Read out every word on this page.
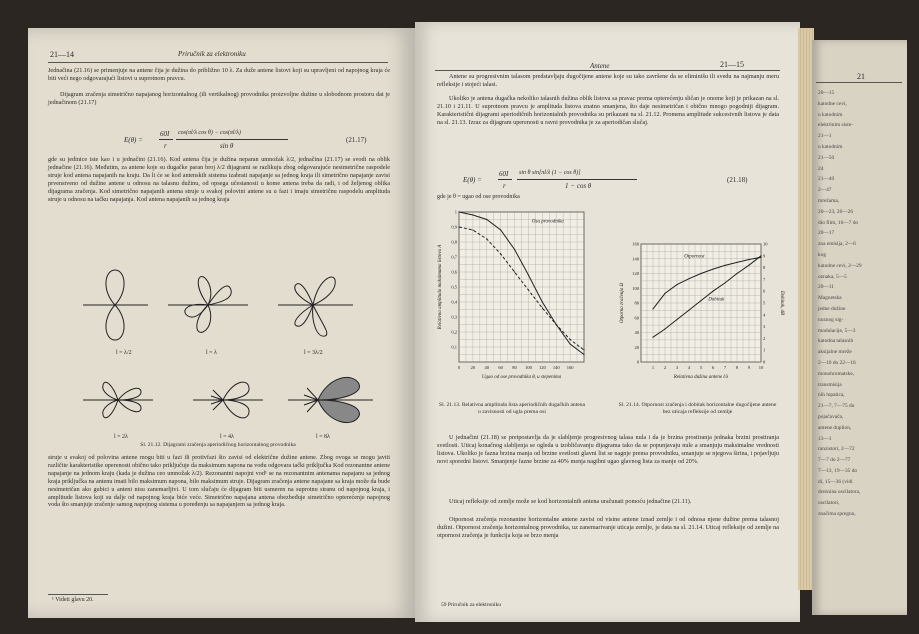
21—14	Priručnik za elektroniku
Jednačina (21.16) se primenjuje na antene čija je dužina do približno 10 λ. Za duže antene listovi koji su upravljeni od napojnog kraja će biti veći nego odgovarajući listovi u suprotnom pravcu.
Dijagram zračenja simetrično napajanog horizontalnog (ili vertikalnog) provodnika proizvoljne dužine u slobodnom prostoru dat je jednačinom (21.17)
E(θ) =
60I
r
cos(πl/λ cos θ) − cos(πl/λ)
sin θ
(21.17)
gde su jedinice iste kao i u jednačini (21.16). Kod antena čija je dužina neparan umnožak λ/2, jednačina (21.17) se svodi na oblik jednačine (21.16). Međutim, za antene koje su dugačke paran broj λ/2 dijagrami se razlikuju zbog odgovarajuće nesimetrične raspodele struje kod antena napajanih na kraju. Da li će se kod antenskih sistema izabrati napajanje sa jednog kraja ili simetrično napajanje zavisi prvenstveno od dužine antene u odnosu na talasnu dužinu, od opsega učestanosti u kome antena treba da radi, i od željenog oblika dijagrama zračenja. Kod simetrično napajanih antena struje u svakoj polovini antene su u fazi i imaju simetričnu raspodelu amplituda struje u odnosu na tačku napajanja. Kod antena napajanih sa jednog kraja
l = λ/2	l = λ	l = 3λ/2
l = 2λ	l = 4λ	l = 8λ
Sl. 21.12. Dijagrami zračenja aperiodičnog horizontalnog provodnika
struje u svakoj od polovina antene mogu biti u fazi ili protivfazi što zavisi od električne dužine antene. Zbog ovoga se mogu javiti različite karakteristike uperenosti obično tako priključuje da maksimum napona na vodu odgovara tački priključka Kod rezonantne antene napajanje na jednom kraju (kada je dužina ceo umnožak λ/2). Rezonantni napojni vod¹ se na rezonantnim antenama napajanu sa jednog kraja priključka na antenu imati bilo maksimum napona, bilo maksimum struje. Dijagram zračenja antene napajane sa kraja može da bude nesimetričan ako gubici u anteni nisu zanemarljivi. U tom slučaju će dijagram biti usmeren na suprotnu stranu od napojnog kraja, i amplitude listova koji su dalje od napojnog kraja biće veće. Simetrično napajana antena obezbeđuje simetrično opterećenje napojnog voda što smanjuje zračenje samog napojnog sistema u poređenju sa napajanjem sa jednog kraja.
¹ Videti glavu 20.
Antene	21—15
Antene su progresivnim talasom predstavljaju dugočijene antene koje su tako završene da se eliminišu ili svedu na najmanju meru refleksije i stojeći talasi.
Ukoliko je antena dugačka nekoliko talasnih dužina oblik listova sa pravac prema opterećenju sličan je onome koji je prikazan na sl. 21.10 i 21.11. U suprotnom pravcu je amplituda listova znatno smanjena, što daje nesimetričan i obično mnogo pogodniji dijagram. Karakteristični dijagrami aperiodičnih horizontalnih provodnika su prikazani na sl. 21.12. Promena amplitude sukcesivnih listova je data na sl. 21.13. Izraz za dijagram uperenosti u ravni provodnika je za aperiodičan slučaj.
E(θ) =
60I
r
sin θ sin[πl/λ (1 − cos θ)]
1 − cos θ
(21.18)
gde je θ = ugao od ose provodnika
0 20 40 60 80 100 120 140 160
0,1
0,2
0,3
0,4
0,5
0,6
0,7
0,8
0,9
1
Osa provodnika
Ugao od ose provodnika θ, u stepenima
Relativna amplituda maksimuma listova A
Sl. 21.13. Relativna amplituda lista aperiodičnih dugačkih antena u zavisnosti od ugla prema osi
1 2 3 4 5 6 7 8 9 10
0
20
40
60
80
100
120
140
160
0
1
2
3
4
5
6
7
8
9
10
Otpornost
Dobitak
Relativna dužina antene l/λ
Otporna zračenja Ω	Dobitak, dB
Sl. 21.14. Otpornost zračenja i dobitak horizontalne dugočijene antene bez uticaja refleksije od zemlje
U jednačini (21.18) se pretpostavlja da je slabljenje progresivnog talasa nula i da je brzina prostiranja jednaka brzini prostiranja svetlosti. Uticaj konačnog slabljenja se ogleda u izobličavanju dijagrama tako da se popunjavaju nule a smanjuju maksimalne vrednosti listova. Ukoliko je fazna brzina manja od brzine svetlosti glavni list se nagnje prema provodniku, smanjuje se njegova širina, i pojavljuju novi sporedni listovi. Smanjenje fazne brzine za 40% menja nagibni ugao glavnog lista za manje od 20%.
Uticaj refleksije od zemlje može se kod horizontalnih antena uračunati pomoću jednačine (21.11).
Otpornost zračenja rezonantne horizontalne antene zavisi od visine antene iznad zemlje i od odnosa njene dužine prema talasnoj dužini. Otpornost zračenja horizontalnog provodnika, uz zanemarivanje uticaja zemlje, je data na sl. 21.14. Uticaj refleksije od zemlje na otpornost zračenja je funkcija koja se brzo menja
59 Priručnik za elektroniku
21
20—15
katodne cevi,
u katodnim
elektrinim siste-
21—1
u katodnim
21—50
24
21—40
2—47
mrežama,
20—23, 20—26
dio film, 16—7 do
20—17
zna emisija, 2—6
kog
katodne cevi, 2—29
oznaka, 5—5
20—11
Magnetska
jedne dužine
noznog sig-
modulacije, 5—3
katodna talasnih
aksijalne mreže
2—10 do 22—16
monohromatske,
transmisija
nih lopatica,
21—7, 7—75 do
pojačavača,
antene duplion,
13—1
ranzistori, 2—72
7—7 do 2—77
7—13, 19—35 do
di, 15—36 (vidi
dreznina oscilatora,
oscilatori,
značima spregnu,
